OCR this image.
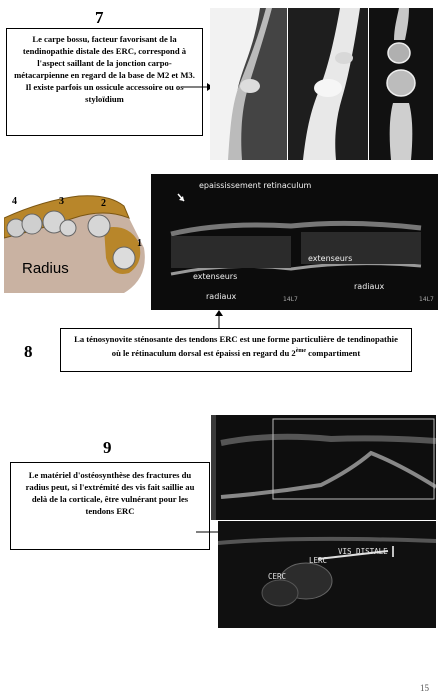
7
Le carpe bossu, facteur favorisant de la tendinopathie distale des ERC, correspond à l'aspect saillant de la jonction carpo-métacarpienne en regard de la base de M2 et M3. Il existe parfois un ossicule accessoire ou os styloïdium
4	3	2
1
Radius
epaississement retinaculum
extenseurs
radiaux
extenseurs
radiaux
14L7	14L7
8
La ténosynovite sténosante des tendons ERC est une forme particulière de tendinopathie où le rétinaculum dorsal est épaissi en regard du 2ème compartiment
9
Le matériel d'ostéosynthèse des fractures du radius peut, si l'extrémité des vis fait saillie au delà de la corticale, être vulnérant pour les tendons ERC
LERC
VIS DISTALE
CERC
15
